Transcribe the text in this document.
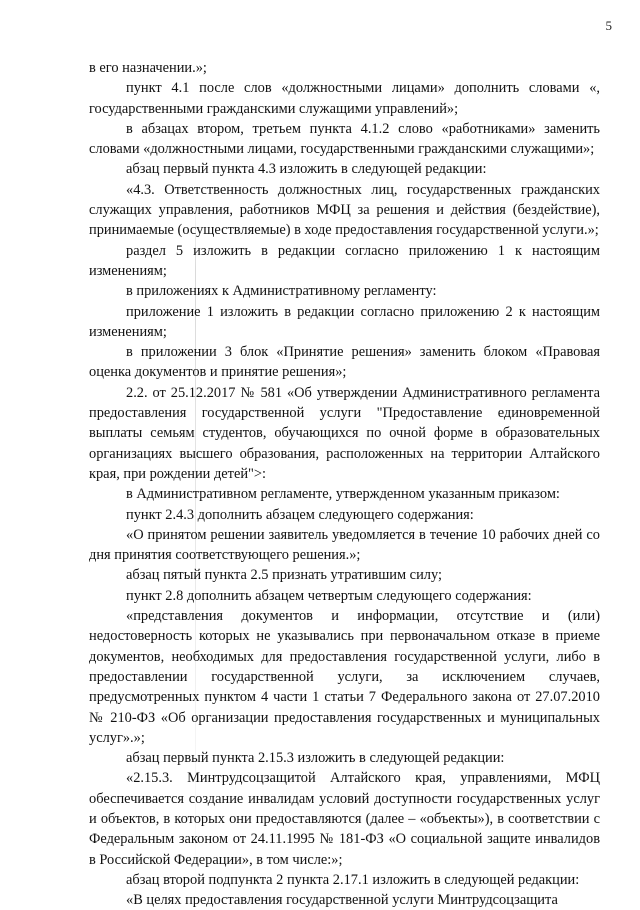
5

в его назначении.»;

пункт 4.1 после слов «должностными лицами» дополнить словами «, государственными гражданскими служащими управлений»;

в абзацах втором, третьем пункта 4.1.2 слово «работниками» заменить словами «должностными лицами, государственными гражданскими служащими»;

абзац первый пункта 4.3 изложить в следующей редакции:

«4.3. Ответственность должностных лиц, государственных гражданских служащих управления, работников МФЦ за решения и действия (бездействие), принимаемые (осуществляемые) в ходе предоставления государственной услуги.»;

раздел 5 изложить в редакции согласно приложению 1 к настоящим изменениям;

в приложениях к Административному регламенту:

приложение 1 изложить в редакции согласно приложению 2 к настоящим изменениям;

в приложении 3 блок «Принятие решения» заменить блоком «Правовая оценка документов и принятие решения»;

2.2. от 25.12.2017 № 581 «Об утверждении Административного регламента предоставления государственной услуги "Предоставление единовременной выплаты семьям студентов, обучающихся по очной форме в образовательных организациях высшего образования, расположенных на территории Алтайского края, при рождении детей">:

в Административном регламенте, утвержденном указанным приказом:

пункт 2.4.3 дополнить абзацем следующего содержания:

«О принятом решении заявитель уведомляется в течение 10 рабочих дней со дня принятия соответствующего решения.»;

абзац пятый пункта 2.5 признать утратившим силу;

пункт 2.8 дополнить абзацем четвертым следующего содержания:

«представления документов и информации, отсутствие и (или) недостоверность которых не указывались при первоначальном отказе в приеме документов, необходимых для предоставления государственной услуги, либо в предоставлении государственной услуги, за исключением случаев, предусмотренных пунктом 4 части 1 статьи 7 Федерального закона от 27.07.2010 № 210-ФЗ «Об организации предоставления государственных и муниципальных услуг».»;

абзац первый пункта 2.15.3 изложить в следующей редакции:

«2.15.3. Минтрудсоцзащитой Алтайского края, управлениями, МФЦ обеспечивается создание инвалидам условий доступности государственных услуг и объектов, в которых они предоставляются (далее – «объекты»), в соответствии с Федеральным законом от 24.11.1995 № 181-ФЗ «О социальной защите инвалидов в Российской Федерации», в том числе:»;

абзац второй подпункта 2 пункта 2.17.1 изложить в следующей редакции:

«В целях предоставления государственной услуги Минтрудсоцзащита
